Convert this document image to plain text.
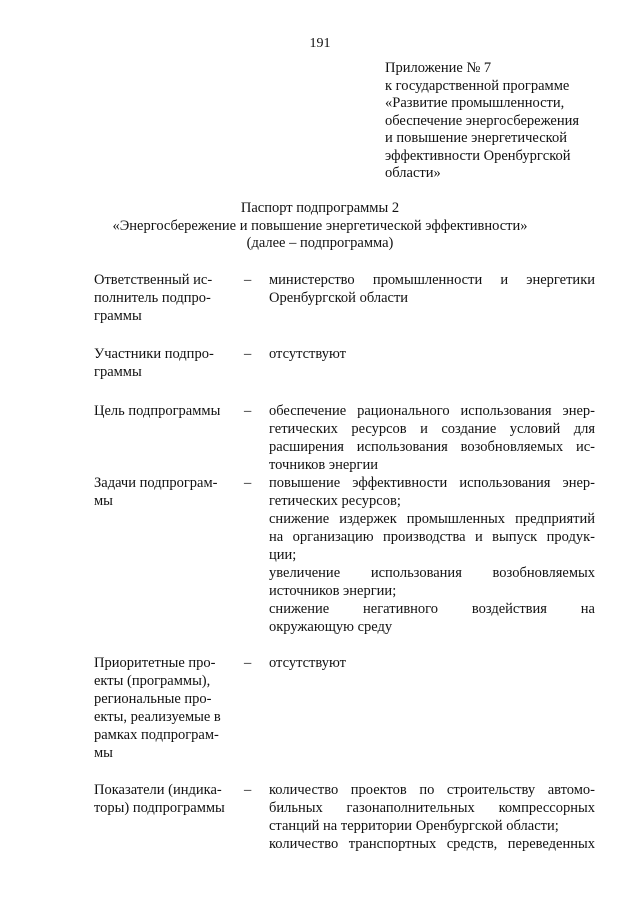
191
Приложение № 7
к государственной программе
«Развитие промышленности,
обеспечение энергосбережения
и повышение энергетической
эффективности Оренбургской
области»
Паспорт подпрограммы 2
«Энергосбережение и повышение энергетической эффективности»
(далее – подпрограмма)
Ответственный ис-
полнитель подпро-
граммы
– министерство промышленности и энергетики
Оренбургской области
Участники подпро-
граммы
– отсутствуют
Цель подпрограммы	– обеспечение рационального использования энер-
гетических ресурсов и создание условий для
расширения использования возобновляемых ис-
точников энергии
Задачи подпрограм-
мы
– повышение эффективности использования энер-
гетических ресурсов;
снижение издержек промышленных предприятий
на организацию производства и выпуск продук-
ции;
увеличение использования возобновляемых
источников энергии;
снижение негативного воздействия на
окружающую среду
Приоритетные про-
екты (программы),
региональные про-
екты, реализуемые в
рамках подпрограм-
мы
– отсутствуют
Показатели (индика-
торы) подпрограммы
– количество проектов по строительству автомо-
бильных газонаполнительных компрессорных
станций на территории Оренбургской области;
количество транспортных средств, переведенных
